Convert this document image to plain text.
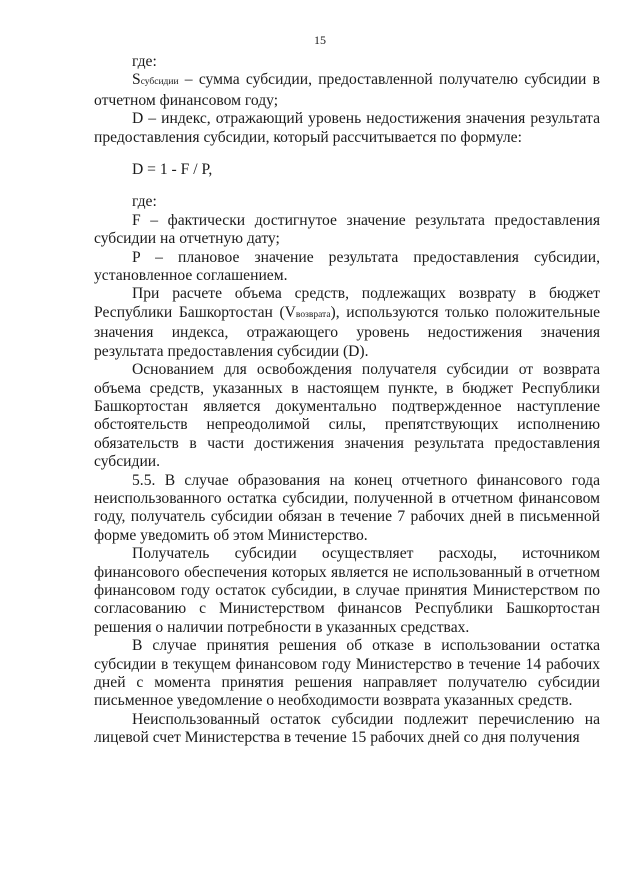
15

где:

Sсубсидии – сумма субсидии, предоставленной получателю субсидии в отчетном финансовом году;

D – индекс, отражающий уровень недостижения значения результата предоставления субсидии, который рассчитывается по формуле:

D = 1 - F / P,

где:

F – фактически достигнутое значение результата предоставления субсидии на отчетную дату;

P – плановое значение результата предоставления субсидии, установленное соглашением.

При расчете объема средств, подлежащих возврату в бюджет Республики Башкортостан (Vвозврата), используются только положительные значения индекса, отражающего уровень недостижения значения результата предоставления субсидии (D).

Основанием для освобождения получателя субсидии от возврата объема средств, указанных в настоящем пункте, в бюджет Республики Башкортостан является документально подтвержденное наступление обстоятельств непреодолимой силы, препятствующих исполнению обязательств в части достижения значения результата предоставления субсидии.

5.5. В случае образования на конец отчетного финансового года неиспользованного остатка субсидии, полученной в отчетном финансовом году, получатель субсидии обязан в течение 7 рабочих дней в письменной форме уведомить об этом Министерство.

Получатель субсидии осуществляет расходы, источником финансового обеспечения которых является не использованный в отчетном финансовом году остаток субсидии, в случае принятия Министерством по согласованию с Министерством финансов Республики Башкортостан решения о наличии потребности в указанных средствах.

В случае принятия решения об отказе в использовании остатка субсидии в текущем финансовом году Министерство в течение 14 рабочих дней с момента принятия решения направляет получателю субсидии письменное уведомление о необходимости возврата указанных средств.

Неиспользованный остаток субсидии подлежит перечислению на лицевой счет Министерства в течение 15 рабочих дней со дня получения
